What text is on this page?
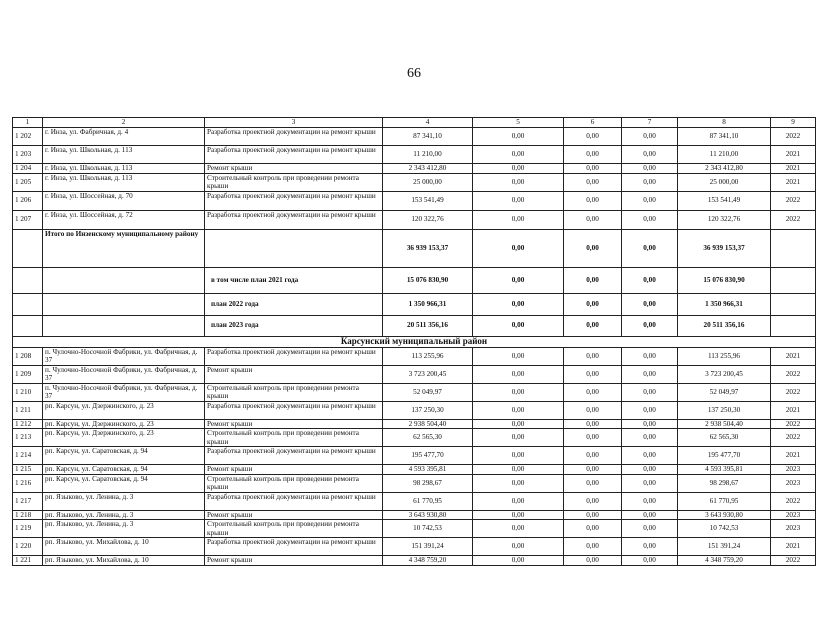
66
1	2	3	4	5	6	7	8	9
1 202	г. Инза, ул. Фабричная, д. 4	Разработка проектной документации на ремонт крыши	87 341,10	0,00	0,00	0,00	87 341,10	2022
1 203	г. Инза, ул. Школьная, д. 113	Разработка проектной документации на ремонт крыши	11 210,00	0,00	0,00	0,00	11 210,00	2021
1 204	г. Инза, ул. Школьная, д. 113	Ремонт крыши	2 343 412,80	0,00	0,00	0,00	2 343 412,80	2021
1 205	г. Инза, ул. Школьная, д. 113	Строительный контроль при проведении ремонта крыши	25 000,00	0,00	0,00	0,00	25 000,00	2021
1 206	г. Инза, ул. Шоссейная, д. 70	Разработка проектной документации на ремонт крыши	153 541,49	0,00	0,00	0,00	153 541,49	2022
1 207	г. Инза, ул. Шоссейная, д. 72	Разработка проектной документации на ремонт крыши	120 322,76	0,00	0,00	0,00	120 322,76	2022
	Итого по Инзенскому муниципальному району		36 939 153,37	0,00	0,00	0,00	36 939 153,37	
		в том числе план 2021 года	15 076 830,90	0,00	0,00	0,00	15 076 830,90	
		план 2022 года	1 350 966,31	0,00	0,00	0,00	1 350 966,31	
		план 2023 года	20 511 356,16	0,00	0,00	0,00	20 511 356,16	
Карсунский муниципальный район								
1 208	п. Чулочно-Носочной Фабрики, ул. Фабричная, д. 37	Разработка проектной документации на ремонт крыши	113 255,96	0,00	0,00	0,00	113 255,96	2021
1 209	п. Чулочно-Носочной Фабрики, ул. Фабричная, д. 37	Ремонт крыши	3 723 200,45	0,00	0,00	0,00	3 723 200,45	2022
1 210	п. Чулочно-Носочной Фабрики, ул. Фабричная, д. 37	Строительный контроль при проведении ремонта крыши	52 049,97	0,00	0,00	0,00	52 049,97	2022
1 211	рп. Карсун, ул. Дзержинского, д. 23	Разработка проектной документации на ремонт крыши	137 250,30	0,00	0,00	0,00	137 250,30	2021
1 212	рп. Карсун, ул. Дзержинского, д. 23	Ремонт крыши	2 938 504,40	0,00	0,00	0,00	2 938 504,40	2022
1 213	рп. Карсун, ул. Дзержинского, д. 23	Строительный контроль при проведении ремонта крыши	62 565,30	0,00	0,00	0,00	62 565,30	2022
1 214	рп. Карсун, ул. Саратовская, д. 94	Разработка проектной документации на ремонт крыши	195 477,70	0,00	0,00	0,00	195 477,70	2021
1 215	рп. Карсун, ул. Саратовская, д. 94	Ремонт крыши	4 593 395,81	0,00	0,00	0,00	4 593 395,81	2023
1 216	рп. Карсун, ул. Саратовская, д. 94	Строительный контроль при проведении ремонта крыши	98 298,67	0,00	0,00	0,00	98 298,67	2023
1 217	рп. Языково, ул. Ленина, д. 3	Разработка проектной документации на ремонт крыши	61 770,95	0,00	0,00	0,00	61 770,95	2022
1 218	рп. Языково, ул. Ленина, д. 3	Ремонт крыши	3 643 930,80	0,00	0,00	0,00	3 643 930,80	2023
1 219	рп. Языково, ул. Ленина, д. 3	Строительный контроль при проведении ремонта крыши	10 742,53	0,00	0,00	0,00	10 742,53	2023
1 220	рп. Языково, ул. Михайлова, д. 10	Разработка проектной документации на ремонт крыши	151 391,24	0,00	0,00	0,00	151 391,24	2021
1 221	рп. Языково, ул. Михайлова, д. 10	Ремонт крыши	4 348 759,20	0,00	0,00	0,00	4 348 759,20	2022
